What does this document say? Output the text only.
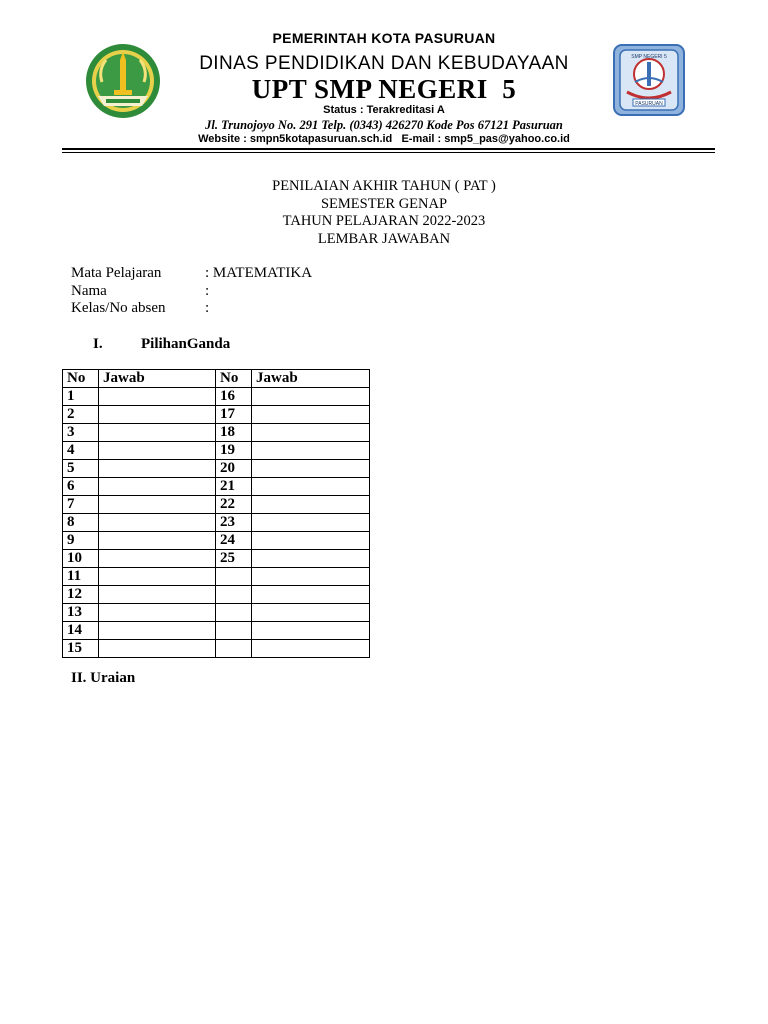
SMP NEGERI 5
PASURUAN
PEMERINTAH KOTA PASURUAN
DINAS PENDIDIKAN DAN KEBUDAYAAN
UPT SMP NEGERI  5
Status : Terakreditasi A
Jl. Trunojoyo No. 291 Telp. (0343) 426270 Kode Pos 67121 Pasuruan
Website : smpn5kotapasuruan.sch.id   E-mail : smp5_pas@yahoo.co.id
PENILAIAN AKHIR TAHUN ( PAT )
SEMESTER GENAP
TAHUN PELAJARAN 2022-2023
LEMBAR JAWABAN
Mata Pelajaran	: MATEMATIKA
Nama	:
Kelas/No absen	:
I.	PilihanGanda
No	Jawab	No	Jawab
1		16	
2		17	
3		18	
4		19	
5		20	
6		21	
7		22	
8		23	
9		24	
10		25	
11			
12			
13			
14			
15			
II. Uraian
